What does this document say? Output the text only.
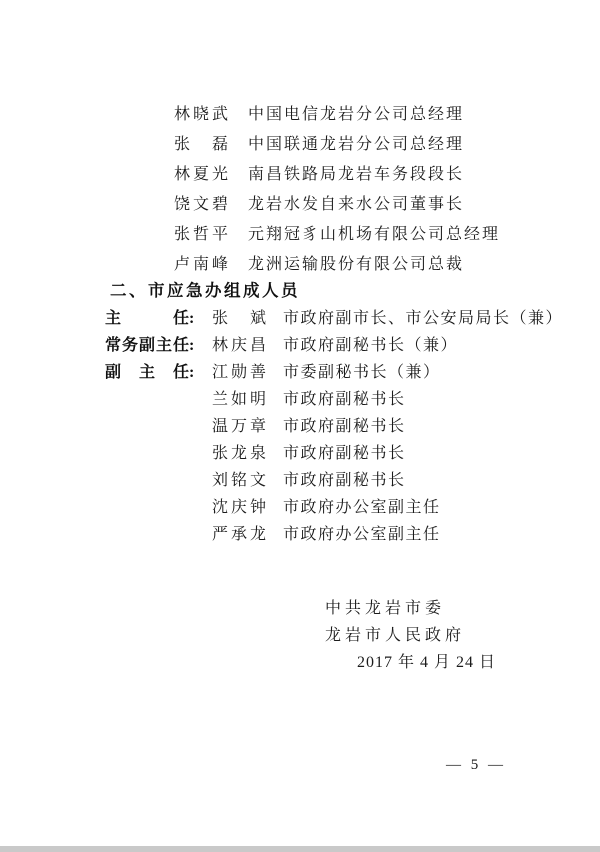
林 晓 武 中国电信龙岩分公司总经理
张 磊 中国联通龙岩分公司总经理
林 夏 光 南昌铁路局龙岩车务段段长
饶 文 碧 龙岩水发自来水公司董事长
张 哲 平 元翔冠豸山机场有限公司总经理
卢 南 峰 龙洲运输股份有限公司总裁
二、市应急办组成人员
主	任 :	张 斌 市政府副市长、市公安局局长（兼）
常 务 副 主 任 :	林 庆 昌 市政府副秘书长（兼）
副 主 任 :	江 勋 善 市委副秘书长（兼）
兰 如 明 市政府副秘书长
温 万 章 市政府副秘书长
张 龙 泉 市政府副秘书长
刘 铭 文 市政府副秘书长
沈 庆 钟 市政府办公室副主任
严 承 龙 市政府办公室副主任
中共龙岩市委
龙岩市人民政府
2017 年 4 月 24 日
— 5 —
